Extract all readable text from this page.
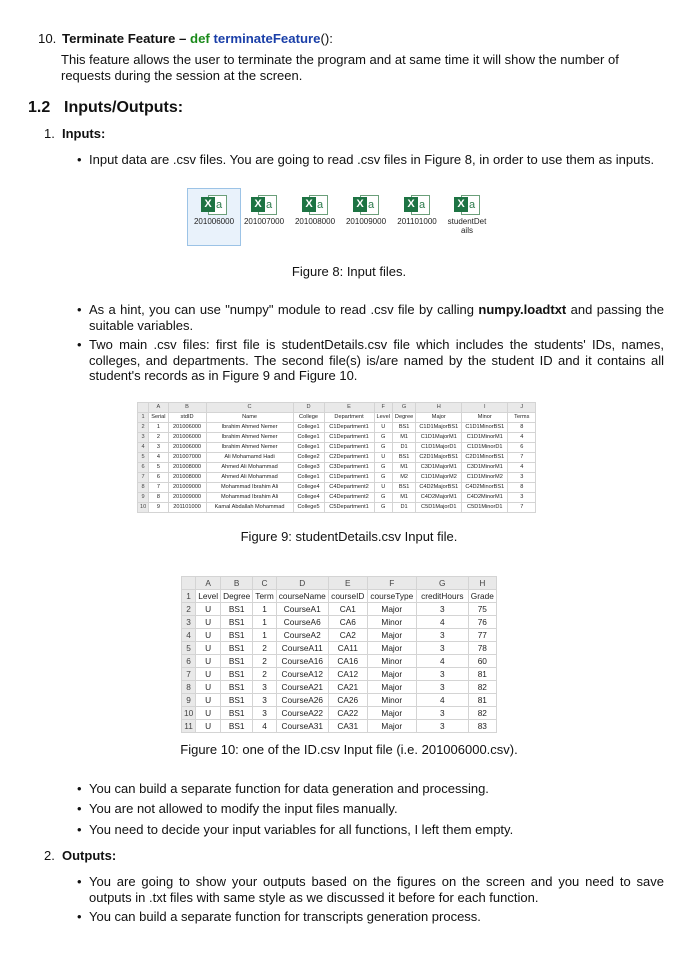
10. Terminate Feature – def terminateFeature():
This feature allows the user to terminate the program and at same time it will show the number of requests during the session at the screen.
1.2 Inputs/Outputs:
1. Inputs:
• Input data are .csv files. You are going to read .csv files in Figure 8, in order to use them as inputs.
X a
201006000
X a
201007000
X a
201008000
X a
201009000
X a
201101000
X a
studentDet ails
Figure 8: Input files.
• As a hint, you can use "numpy" module to read .csv file by calling numpy.loadtxt and passing the suitable variables.
• Two main .csv files: first file is studentDetails.csv file which includes the students' IDs, names, colleges, and departments. The second file(s) is/are named by the student ID and it contains all student's records as in Figure 9 and Figure 10.
	A	B	C	D	E	F	G	H	I	J
1	Serial	stdID	Name	College	Department	Level	Degree	Major	Minor	Terms
2	1	201006000	Ibrahim Ahmed Nemer	College1	C1Department1	U	BS1	C1D1MajorBS1	C1D1MinorBS1	8
3	2	201006000	Ibrahim Ahmed Nemer	College1	C1Department1	G	M1	C1D1MajorM1	C1D1MinorM1	4
4	3	201006000	Ibrahim Ahmed Nemer	College1	C1Department1	G	D1	C1D1MajorD1	C1D1MinorD1	6
5	4	201007000	Ali Mohamamd Hadi	College2	C2Department1	U	BS1	C2D1MajorBS1	C2D1MinorBS1	7
6	5	201008000	Ahmed Ali Mohammad	College3	C3Department1	G	M1	C3D1MajorM1	C3D1MinorM1	4
7	6	201008000	Ahmed Ali Mohammad	College1	C1Department1	G	M2	C1D1MajorM2	C1D1MinorM2	3
8	7	201009000	Mohammad Ibrahim Ali	College4	C4Department2	U	BS1	C4D2MajorBS1	C4D2MinorBS1	8
9	8	201009000	Mohammad Ibrahim Ali	College4	C4Department2	G	M1	C4D2MajorM1	C4D2MinorM1	3
10	9	201101000	Kamal Abdallah Mohammad	College5	C5Department1	G	D1	C5D1MajorD1	C5D1MinorD1	7
Figure 9: studentDetails.csv Input file.
	A	B	C	D	E	F	G	H
1	Level	Degree	Term	courseName	courseID	courseType	creditHours	Grade
2	U	BS1	1	CourseA1	CA1	Major	3	75
3	U	BS1	1	CourseA6	CA6	Minor	4	76
4	U	BS1	1	CourseA2	CA2	Major	3	77
5	U	BS1	2	CourseA11	CA11	Major	3	78
6	U	BS1	2	CourseA16	CA16	Minor	4	60
7	U	BS1	2	CourseA12	CA12	Major	3	81
8	U	BS1	3	CourseA21	CA21	Major	3	82
9	U	BS1	3	CourseA26	CA26	Minor	4	81
10	U	BS1	3	CourseA22	CA22	Major	3	82
11	U	BS1	4	CourseA31	CA31	Major	3	83
Figure 10: one of the ID.csv Input file (i.e. 201006000.csv).
• You can build a separate function for data generation and processing.
• You are not allowed to modify the input files manually.
• You need to decide your input variables for all functions, I left them empty.
2. Outputs:
• You are going to show your outputs based on the figures on the screen and you need to save outputs in .txt files with same style as we discussed it before for each function.
• You can build a separate function for transcripts generation process.
